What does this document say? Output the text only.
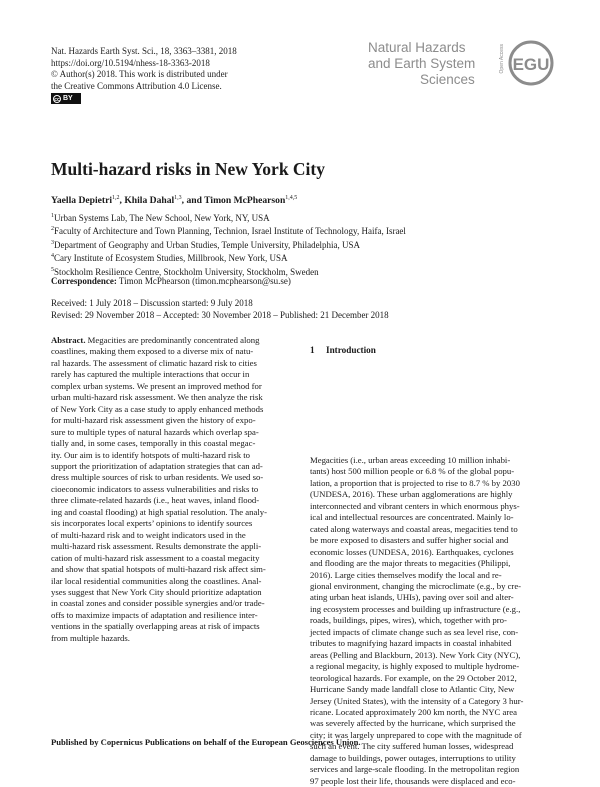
Nat. Hazards Earth Syst. Sci., 18, 3363–3381, 2018
https://doi.org/10.5194/nhess-18-3363-2018
© Author(s) 2018. This work is distributed under
the Creative Commons Attribution 4.0 License.
cc BY
Natural Hazards
and Earth System
Sciences
Open Access EGU
Multi-hazard risks in New York City
Yaella Depietri$^{1,2}$, Khila Dahal$^{1,3}$, and Timon McPhearson$^{1,4,5}$
$^1$Urban Systems Lab, The New School, New York, NY, USA
$^2$Faculty of Architecture and Town Planning, Technion, Israel Institute of Technology, Haifa, Israel
$^3$Department of Geography and Urban Studies, Temple University, Philadelphia, USA
$^4$Cary Institute of Ecosystem Studies, Millbrook, New York, USA
$^5$Stockholm Resilience Centre, Stockholm University, Stockholm, Sweden
Correspondence: Timon McPhearson (timon.mcphearson@su.se)
Received: 1 July 2018 – Discussion started: 9 July 2018
Revised: 29 November 2018 – Accepted: 30 November 2018 – Published: 21 December 2018
Abstract. Megacities are predominantly concentrated along
coastlines, making them exposed to a diverse mix of natu-
ral hazards. The assessment of climatic hazard risk to cities
rarely has captured the multiple interactions that occur in
complex urban systems. We present an improved method for
urban multi-hazard risk assessment. We then analyze the risk
of New York City as a case study to apply enhanced methods
for multi-hazard risk assessment given the history of expo-
sure to multiple types of natural hazards which overlap spa-
tially and, in some cases, temporally in this coastal megac-
ity. Our aim is to identify hotspots of multi-hazard risk to
support the prioritization of adaptation strategies that can ad-
dress multiple sources of risk to urban residents. We used so-
cioeconomic indicators to assess vulnerabilities and risks to
three climate-related hazards (i.e., heat waves, inland flood-
ing and coastal flooding) at high spatial resolution. The analy-
sis incorporates local experts’ opinions to identify sources
of multi-hazard risk and to weight indicators used in the
multi-hazard risk assessment. Results demonstrate the appli-
cation of multi-hazard risk assessment to a coastal megacity
and show that spatial hotspots of multi-hazard risk affect sim-
ilar local residential communities along the coastlines. Anal-
yses suggest that New York City should prioritize adaptation
in coastal zones and consider possible synergies and/or trade-
offs to maximize impacts of adaptation and resilience inter-
ventions in the spatially overlapping areas at risk of impacts
from multiple hazards.
1 Introduction
Megacities (i.e., urban areas exceeding 10 million inhabi-
tants) host 500 million people or 6.8 % of the global popu-
lation, a proportion that is projected to rise to 8.7 % by 2030
(UNDESA, 2016). These urban agglomerations are highly
interconnected and vibrant centers in which enormous phys-
ical and intellectual resources are concentrated. Mainly lo-
cated along waterways and coastal areas, megacities tend to
be more exposed to disasters and suffer higher social and
economic losses (UNDESA, 2016). Earthquakes, cyclones
and flooding are the major threats to megacities (Philippi,
2016). Large cities themselves modify the local and re-
gional environment, changing the microclimate (e.g., by cre-
ating urban heat islands, UHIs), paving over soil and alter-
ing ecosystem processes and building up infrastructure (e.g.,
roads, buildings, pipes, wires), which, together with pro-
jected impacts of climate change such as sea level rise, con-
tributes to magnifying hazard impacts in coastal inhabited
areas (Pelling and Blackburn, 2013). New York City (NYC),
a regional megacity, is highly exposed to multiple hydrome-
teorological hazards. For example, on the 29 October 2012,
Hurricane Sandy made landfall close to Atlantic City, New
Jersey (United States), with the intensity of a Category 3 hur-
ricane. Located approximately 200 km north, the NYC area
was severely affected by the hurricane, which surprised the
city; it was largely unprepared to cope with the magnitude of
such an event. The city suffered human losses, widespread
damage to buildings, power outages, interruptions to utility
services and large-scale flooding. In the metropolitan region
97 people lost their life, thousands were displaced and eco-
Published by Copernicus Publications on behalf of the European Geosciences Union.
